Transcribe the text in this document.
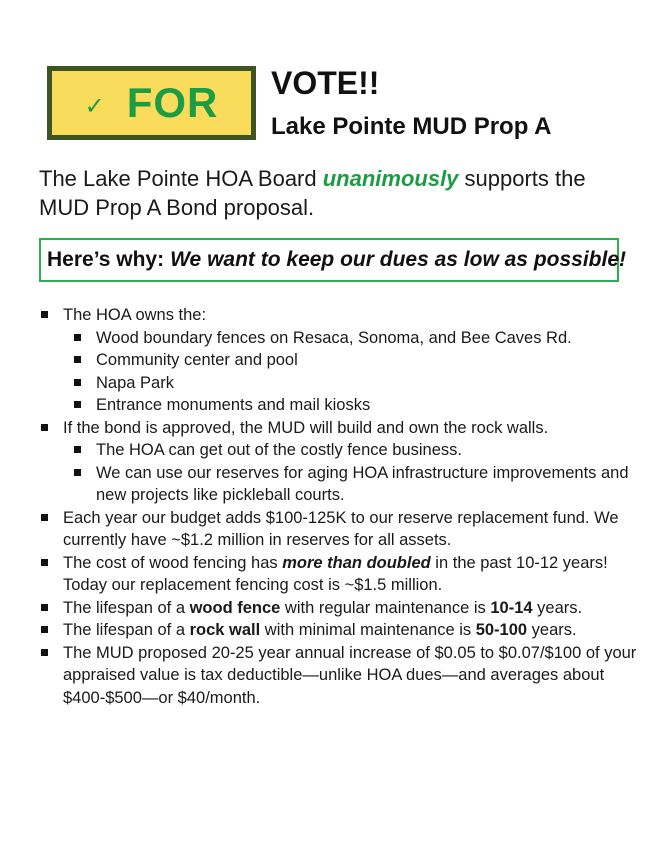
✓ FOR VOTE!!
Lake Pointe MUD Prop A
The Lake Pointe HOA Board unanimously supports the MUD Prop A Bond proposal.
Here’s why: We want to keep our dues as low as possible!
The HOA owns the:
Wood boundary fences on Resaca, Sonoma, and Bee Caves Rd.
Community center and pool
Napa Park
Entrance monuments and mail kiosks
If the bond is approved, the MUD will build and own the rock walls.
The HOA can get out of the costly fence business.
We can use our reserves for aging HOA infrastructure improvements and new projects like pickleball courts.
Each year our budget adds $100-125K to our reserve replacement fund. We currently have ~$1.2 million in reserves for all assets.
The cost of wood fencing has more than doubled in the past 10-12 years! Today our replacement fencing cost is ~$1.5 million.
The lifespan of a wood fence with regular maintenance is 10-14 years.
The lifespan of a rock wall with minimal maintenance is 50-100 years.
The MUD proposed 20-25 year annual increase of $0.05 to $0.07/$100 of your appraised value is tax deductible—unlike HOA dues—and averages about $400-$500—or $40/month.
